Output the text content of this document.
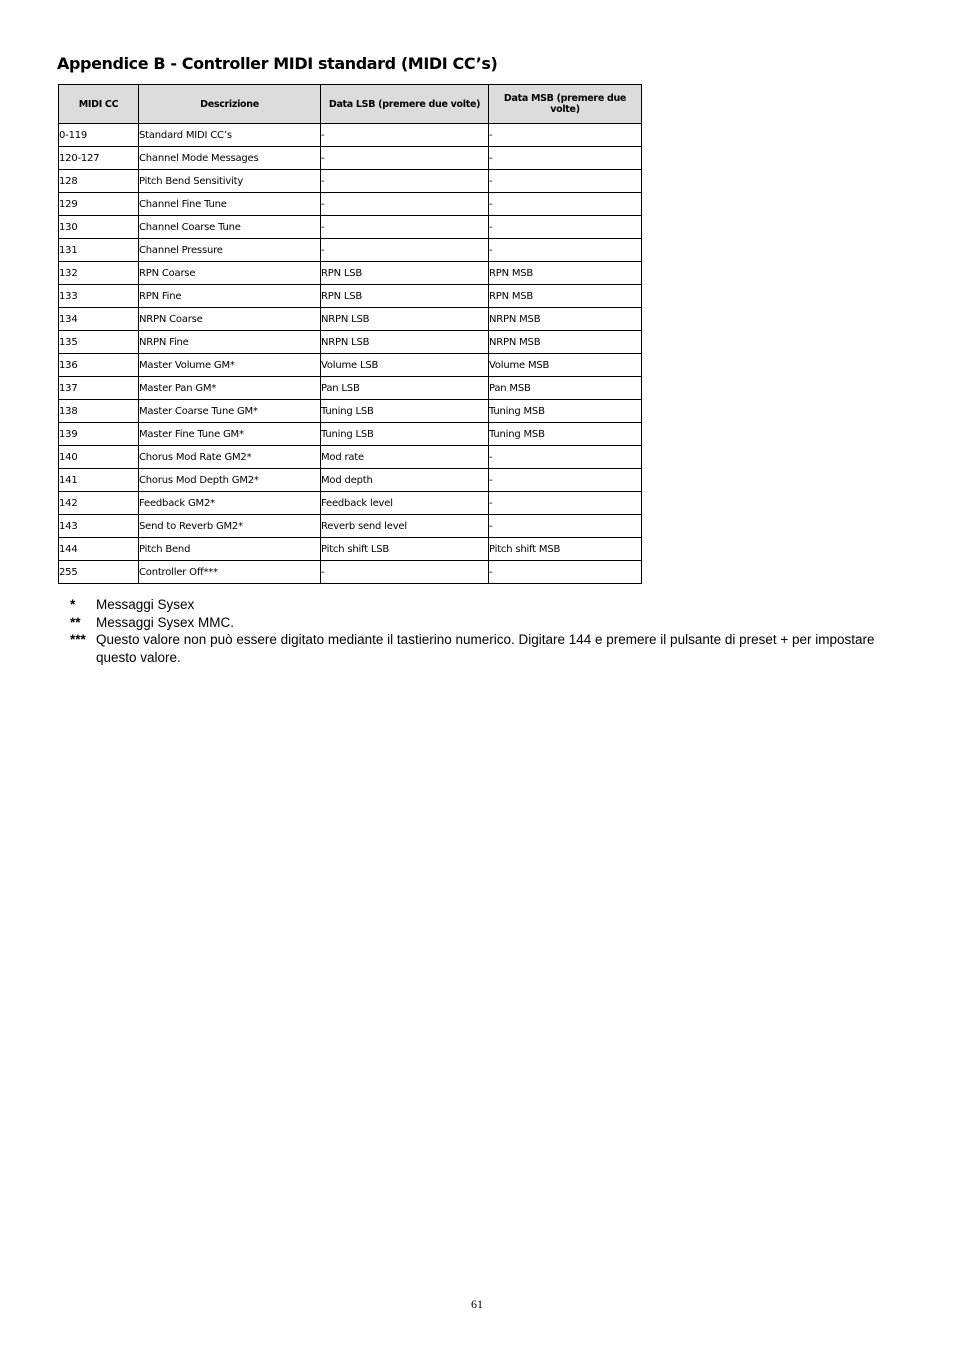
Appendice B - Controller MIDI standard (MIDI CC’s)
MIDI CC	Descrizione	Data LSB (premere due volte)	Data MSB (premere due volte)
0-119	Standard MIDI CC’s	-	-
120-127	Channel Mode Messages	-	-
128	Pitch Bend Sensitivity	-	-
129	Channel Fine Tune	-	-
130	Channel Coarse Tune	-	-
131	Channel Pressure	-	-
132	RPN Coarse	RPN LSB	RPN MSB
133	RPN Fine	RPN LSB	RPN MSB
134	NRPN Coarse	NRPN LSB	NRPN MSB
135	NRPN Fine	NRPN LSB	NRPN MSB
136	Master Volume GM*	Volume LSB	Volume MSB
137	Master Pan GM*	Pan LSB	Pan MSB
138	Master Coarse Tune GM*	Tuning LSB	Tuning MSB
139	Master Fine Tune GM*	Tuning LSB	Tuning MSB
140	Chorus Mod Rate GM2*	Mod rate	-
141	Chorus Mod Depth GM2*	Mod depth	-
142	Feedback GM2*	Feedback level	-
143	Send to Reverb GM2*	Reverb send level	-
144	Pitch Bend	Pitch shift LSB	Pitch shift MSB
255	Controller Off***	-	-
*	Messaggi Sysex
**	Messaggi Sysex MMC.
*** Questo valore non può essere digitato mediante il tastierino numerico. Digitare 144 e premere il pulsante di preset + per impostare questo valore.
61
